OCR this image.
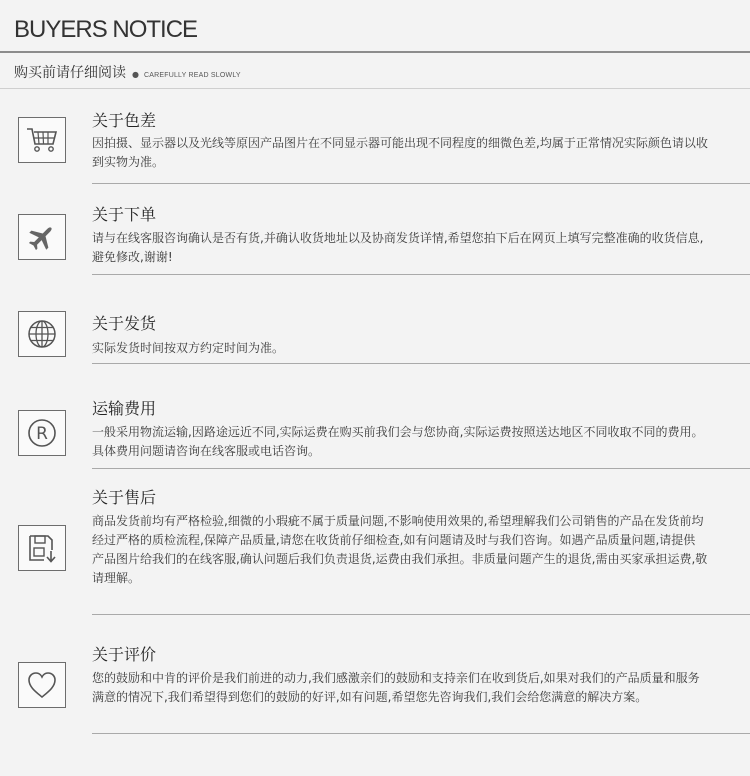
BUYERS NOTICE
购买前请仔细阅读 ● CAREFULLY READ SLOWLY
关于色差
因拍摄、显示器以及光线等原因产品图片在不同显示器可能出现不同程度的细微色差,均属于正常情况实际颜色请以收到实物为准。
关于下单
请与在线客服咨询确认是否有货,并确认收货地址以及协商发货详情,希望您拍下后在网页上填写完整准确的收货信息,避免修改,谢谢!
关于发货
实际发货时间按双方约定时间为准。
R
运输费用
一般采用物流运输,因路途远近不同,实际运费在购买前我们会与您协商,实际运费按照送达地区不同收取不同的费用。具体费用问题请咨询在线客服或电话咨询。
关于售后
商品发货前均有严格检验,细微的小瑕疵不属于质量问题,不影响使用效果的,希望理解我们公司销售的产品在发货前均经过严格的质检流程,保障产品质量,请您在收货前仔细检查,如有问题请及时与我们咨询。如遇产品质量问题,请提供 产品图片给我们的在线客服,确认问题后我们负责退货,运费由我们承担。非质量问题产生的退货,需由买家承担运费,敬请理解。
关于评价
您的鼓励和中肯的评价是我们前进的动力,我们感激亲们的鼓励和支持亲们在收到货后,如果对我们的产品质量和服务满意的情况下,我们希望得到您们的鼓励的好评,如有问题,希望您先咨询我们,我们会给您满意的解决方案。
